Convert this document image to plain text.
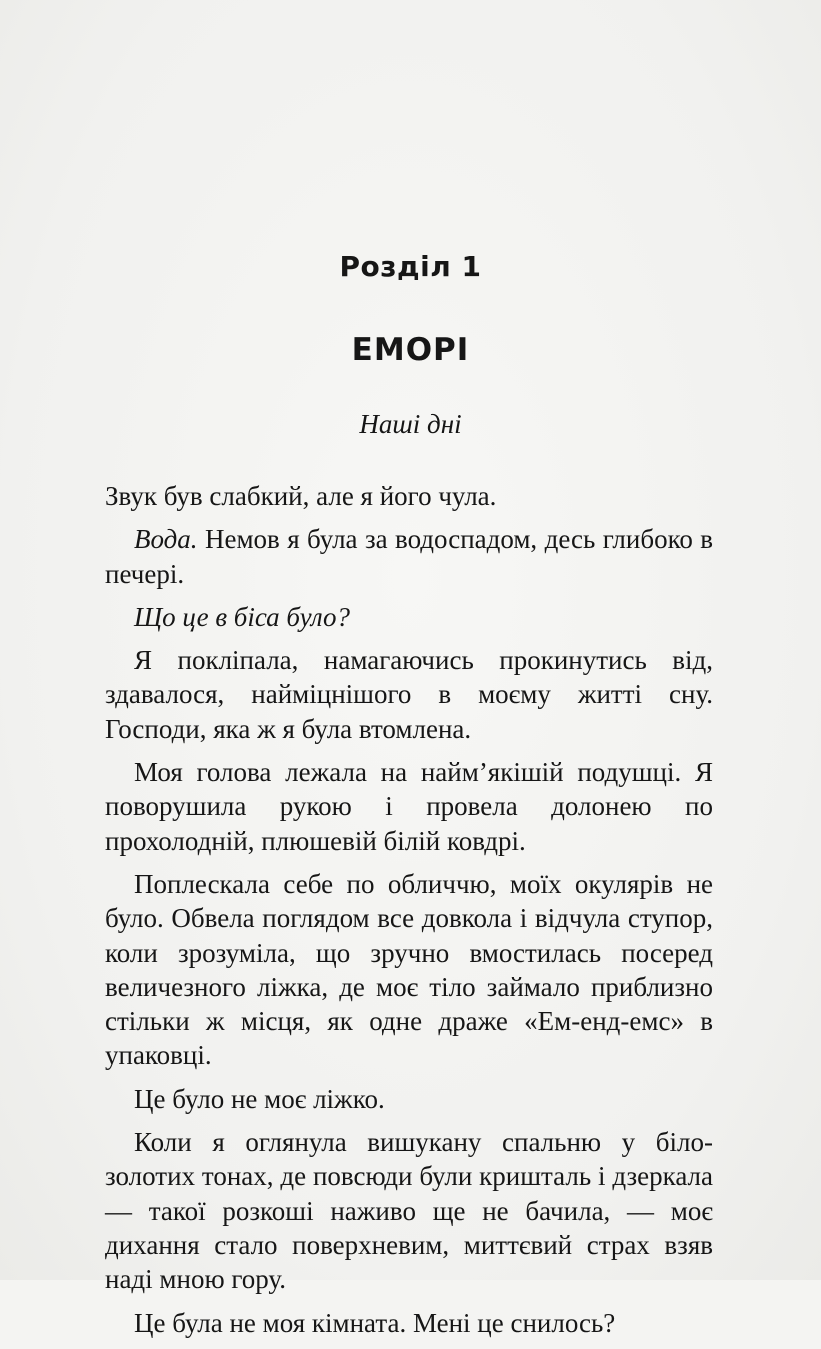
Розділ 1
ЕМОРІ
Наші дні

Звук був слабкий, але я його чула.

Вода. Немов я була за водоспадом, десь глибоко в печері.

Що це в біса було?

Я покліпала, намагаючись прокинутись від, здавалося, найміцнішого в моєму житті сну. Господи, яка ж я була втомлена.

Моя голова лежала на найм’якішій подушці. Я поворушила рукою і провела долонею по прохолодній, плюшевій білій ковдрі.

Поплескала себе по обличчю, моїх окулярів не було. Обвела поглядом все довкола і відчула ступор, коли зрозуміла, що зручно вмостилась посеред величезного ліжка, де моє тіло займало приблизно стільки ж місця, як одне драже «Ем-енд-емс» в упаковці.

Це було не моє ліжко.

Коли я оглянула вишукану спальню у біло-золотих тонах, де повсюди були кришталь і дзеркала — такої розкоші наживо ще не бачила, — моє дихання стало поверхневим, миттєвий страх взяв наді мною гору.

Це була не моя кімната. Мені це снилось?
